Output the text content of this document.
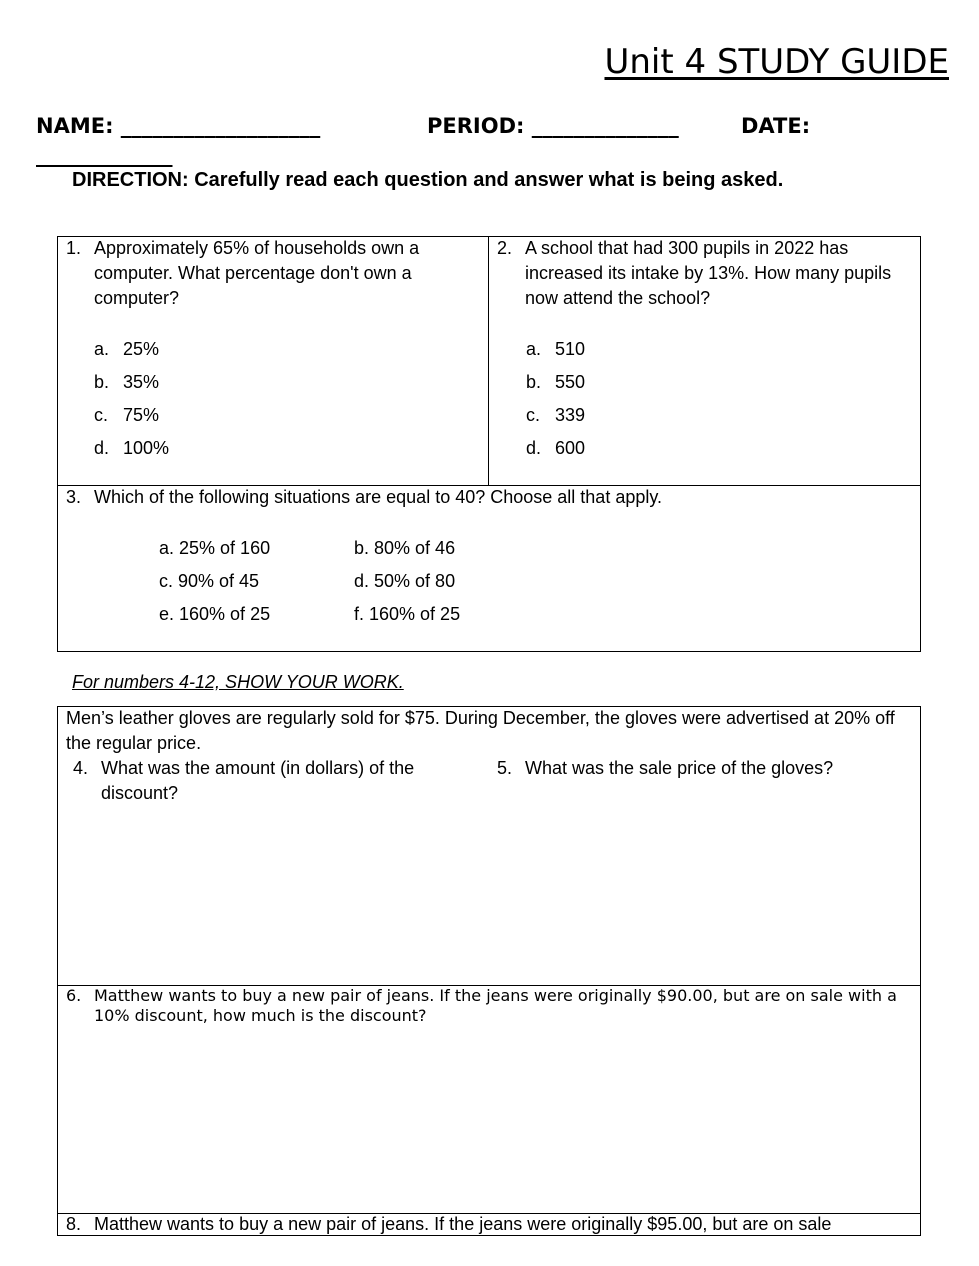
Unit 4 STUDY GUIDE
NAME: ___________________	PERIOD: ______________	DATE:
_____________
DIRECTION: Carefully read each question and answer what is being asked.
1. Approximately 65% of households own a computer. What percentage don't own a computer?
a. 25%
b. 35%
c. 75%
d. 100%
2. A school that had 300 pupils in 2022 has increased its intake by 13%. How many pupils now attend the school?
a. 510
b. 550
c. 339
d. 600
3. Which of the following situations are equal to 40? Choose all that apply.
a. 25% of 160	b. 80% of 46
c. 90% of 45	d. 50% of 80
e. 160% of 25	f. 160% of 25
For numbers 4-12, SHOW YOUR WORK.
Men’s leather gloves are regularly sold for $75. During December, the gloves were advertised at 20% off the regular price.
4. What was the amount (in dollars) of the discount?
5. What was the sale price of the gloves?
6. Matthew wants to buy a new pair of jeans. If the jeans were originally $90.00, but are on sale with a 10% discount, how much is the discount?
8. Matthew wants to buy a new pair of jeans. If the jeans were originally $95.00, but are on sale
